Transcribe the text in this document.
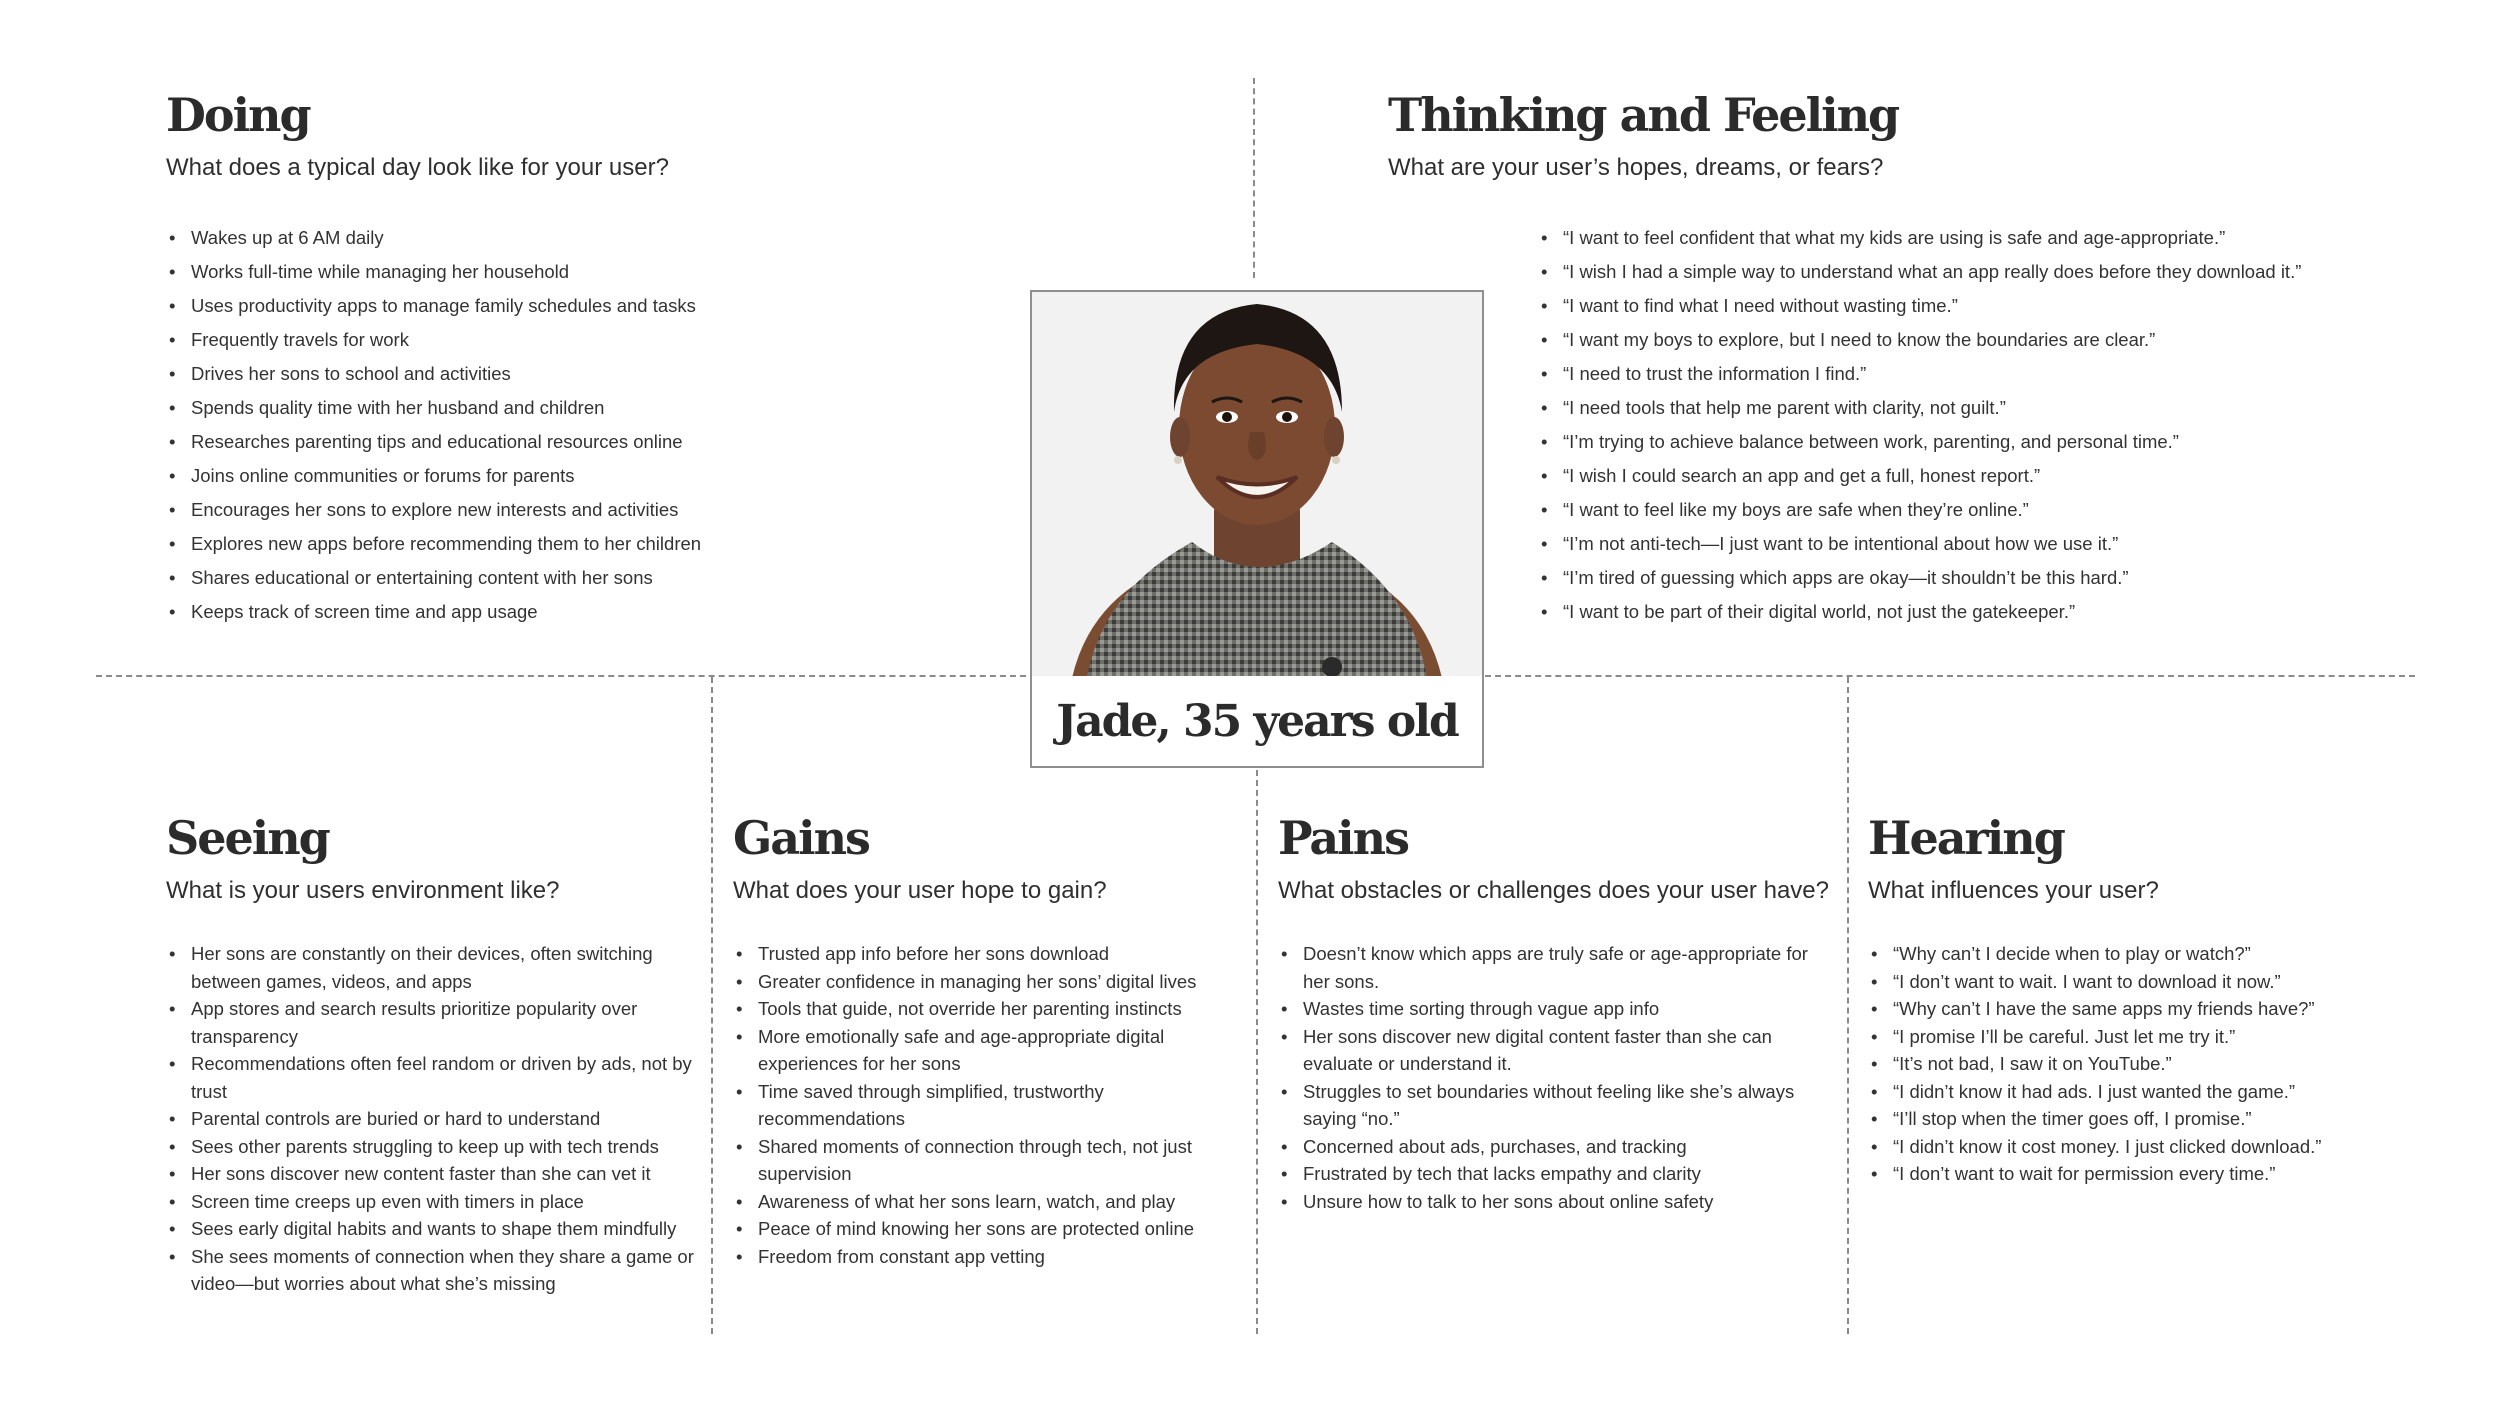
Doing
What does a typical day look like for your user?
• Wakes up at 6 AM daily
• Works full-time while managing her household
• Uses productivity apps to manage family schedules and tasks
• Frequently travels for work
• Drives her sons to school and activities
• Spends quality time with her husband and children
• Researches parenting tips and educational resources online
• Joins online communities or forums for parents
• Encourages her sons to explore new interests and activities
• Explores new apps before recommending them to her children
• Shares educational or entertaining content with her sons
• Keeps track of screen time and app usage
Thinking and Feeling
What are your user’s hopes, dreams, or fears?
• “I want to feel confident that what my kids are using is safe and age-appropriate.”
• “I wish I had a simple way to understand what an app really does before they download it.”
• “I want to find what I need without wasting time.”
• “I want my boys to explore, but I need to know the boundaries are clear.”
• “I need to trust the information I find.”
• “I need tools that help me parent with clarity, not guilt.”
• “I’m trying to achieve balance between work, parenting, and personal time.”
• “I wish I could search an app and get a full, honest report.”
• “I want to feel like my boys are safe when they’re online.”
• “I’m not anti-tech—I just want to be intentional about how we use it.”
• “I’m tired of guessing which apps are okay—it shouldn’t be this hard.”
• “I want to be part of their digital world, not just the gatekeeper.”
Jade, 35 years old
Seeing
What is your users environment like?
• Her sons are constantly on their devices, often switching between games, videos, and apps
• App stores and search results prioritize popularity over transparency
• Recommendations often feel random or driven by ads, not by trust
• Parental controls are buried or hard to understand
• Sees other parents struggling to keep up with tech trends
• Her sons discover new content faster than she can vet it
• Screen time creeps up even with timers in place
• Sees early digital habits and wants to shape them mindfully
• She sees moments of connection when they share a game or video—but worries about what she’s missing
Gains
What does your user hope to gain?
• Trusted app info before her sons download
• Greater confidence in managing her sons’ digital lives
• Tools that guide, not override her parenting instincts
• More emotionally safe and age-appropriate digital experiences for her sons
• Time saved through simplified, trustworthy recommendations
• Shared moments of connection through tech, not just supervision
• Awareness of what her sons learn, watch, and play
• Peace of mind knowing her sons are protected online
• Freedom from constant app vetting
Pains
What obstacles or challenges does your user have?
• Doesn’t know which apps are truly safe or age-appropriate for her sons.
• Wastes time sorting through vague app info
• Her sons discover new digital content faster than she can evaluate or understand it.
• Struggles to set boundaries without feeling like she’s always saying “no.”
• Concerned about ads, purchases, and tracking
• Frustrated by tech that lacks empathy and clarity
• Unsure how to talk to her sons about online safety
Hearing
What influences your user?
• “Why can’t I decide when to play or watch?”
• “I don’t want to wait. I want to download it now.”
• “Why can’t I have the same apps my friends have?”
• “I promise I’ll be careful. Just let me try it.”
• “It’s not bad, I saw it on YouTube.”
• “I didn’t know it had ads. I just wanted the game.”
• “I’ll stop when the timer goes off, I promise.”
• “I didn’t know it cost money. I just clicked download.”
• “I don’t want to wait for permission every time.”
